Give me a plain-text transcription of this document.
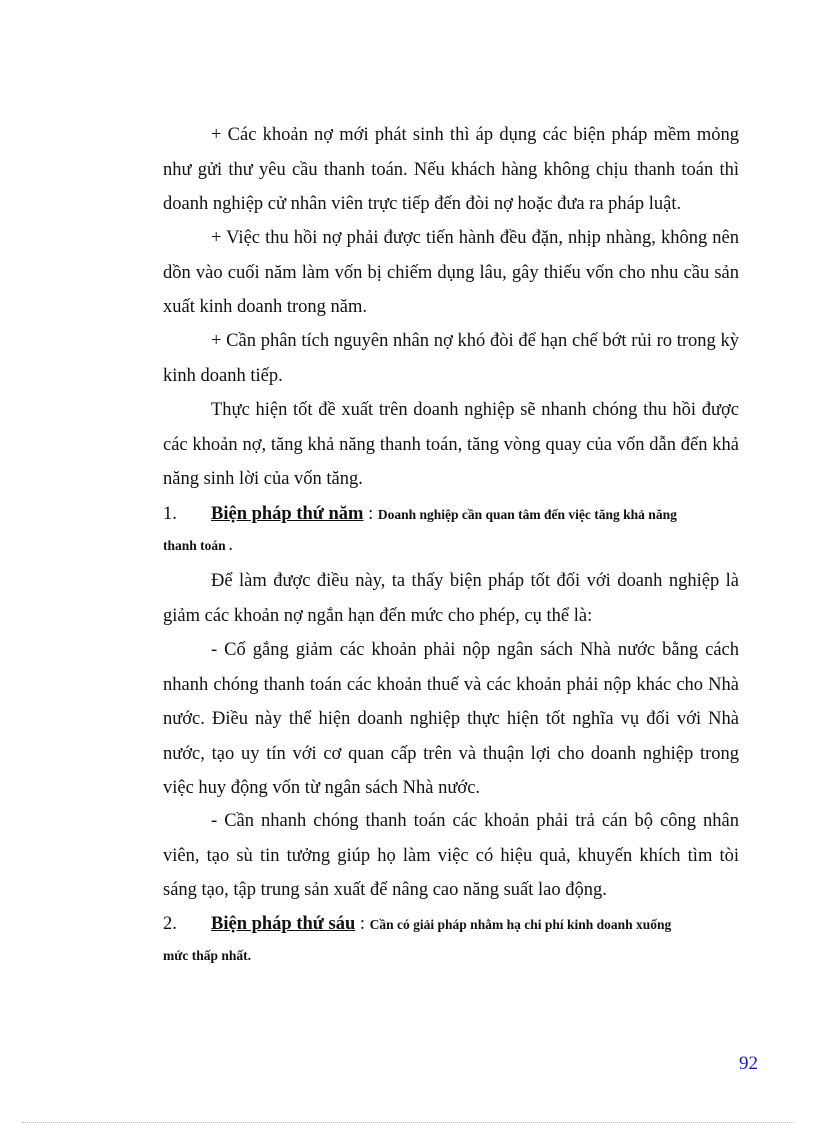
+ Các khoản nợ mới phát sinh thì áp dụng các biện pháp mềm mỏng như gửi thư yêu cầu thanh toán. Nếu khách hàng không chịu thanh toán thì doanh nghiệp cử nhân viên trực tiếp đến đòi nợ hoặc đưa ra pháp luật.

+ Việc thu hồi nợ phải được tiến hành đều đặn, nhịp nhàng, không nên dồn vào cuối năm làm vốn bị chiếm dụng lâu, gây thiếu vốn cho nhu cầu sản xuất kinh doanh trong năm.

+ Cần phân tích nguyên nhân nợ khó đòi để hạn chế bớt rủi ro trong kỳ kinh doanh tiếp.

Thực hiện tốt đề xuất trên doanh nghiệp sẽ nhanh chóng thu hồi được các khoản nợ, tăng khả năng thanh toán, tăng vòng quay của vốn dẫn đến khả năng sinh lời của vốn tăng.

1. Biện pháp thứ năm : Doanh nghiệp cần quan tâm đến việc tăng khả năng
thanh toán .

Để làm được điều này, ta thấy biện pháp tốt đối với doanh nghiệp là giảm các khoản nợ ngắn hạn đến mức cho phép, cụ thể là:

- Cố gắng giảm các khoản phải nộp ngân sách Nhà nước bằng cách nhanh chóng thanh toán các khoản thuế và các khoản phải nộp khác cho Nhà nước. Điều này thể hiện doanh nghiệp thực hiện tốt nghĩa vụ đối với Nhà nước, tạo uy tín với cơ quan cấp trên và thuận lợi cho doanh nghiệp trong việc huy động vốn từ ngân sách Nhà nước.

- Cần nhanh chóng thanh toán các khoản phải trả cán bộ công nhân viên, tạo sù tin tưởng giúp họ làm việc có hiệu quả, khuyến khích tìm tòi sáng tạo, tập trung sản xuất để nâng cao năng suất lao động.

2. Biện pháp thứ sáu : Cần có giải pháp nhằm hạ chi phí kinh doanh xuống
mức thấp nhất.
92
